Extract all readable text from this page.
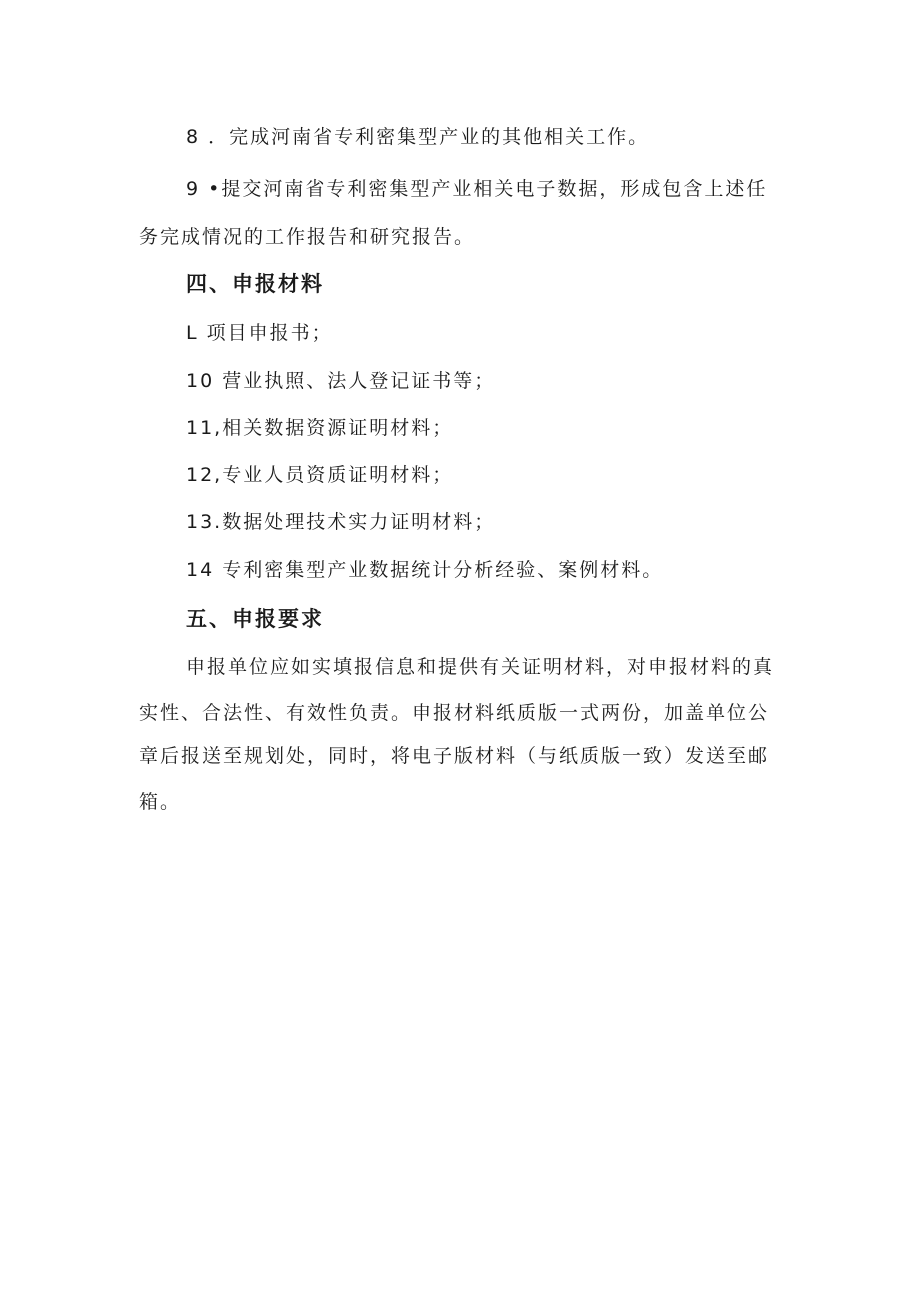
8 ．完成河南省专利密集型产业的其他相关工作。
9 •提交河南省专利密集型产业相关电子数据，形成包含上述任
务完成情况的工作报告和研究报告。
四、申报材料
L 项目申报书；
10 营业执照、法人登记证书等；
11,相关数据资源证明材料；
12,专业人员资质证明材料；
13.数据处理技术实力证明材料；
14 专利密集型产业数据统计分析经验、案例材料。
五、申报要求
申报单位应如实填报信息和提供有关证明材料，对申报材料的真
实性、合法性、有效性负责。申报材料纸质版一式两份，加盖单位公
章后报送至规划处，同时，将电子版材料（与纸质版一致）发送至邮
箱。
